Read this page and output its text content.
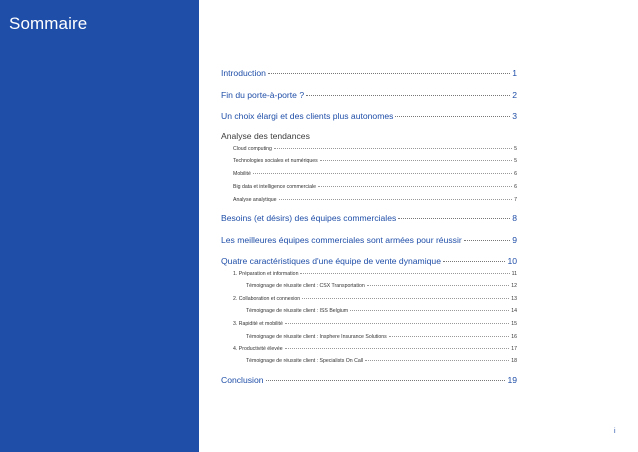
Sommaire
Introduction	1
Fin du porte-à-porte ?	2
Un choix élargi et des clients plus autonomes	3
Analyse des tendances
Cloud computing	5
Technologies sociales et numériques	5
Mobilité	6
Big data et intelligence commerciale	6
Analyse analytique	7
Besoins (et désirs) des équipes commerciales	8
Les meilleures équipes commerciales sont armées pour réussir	9
Quatre caractéristiques d'une équipe de vente dynamique	10
1. Préparation et information	11
Témoignage de réussite client : CSX Transportation	12
2. Collaboration et connexion	13
Témoignage de réussite client : ISS Belgium	14
3. Rapidité et mobilité	15
Témoignage de réussite client : Insphere Insurance Solutions	16
4. Productivité élevée	17
Témoignage de réussite client : Specialists On Call	18
Conclusion	19
i
